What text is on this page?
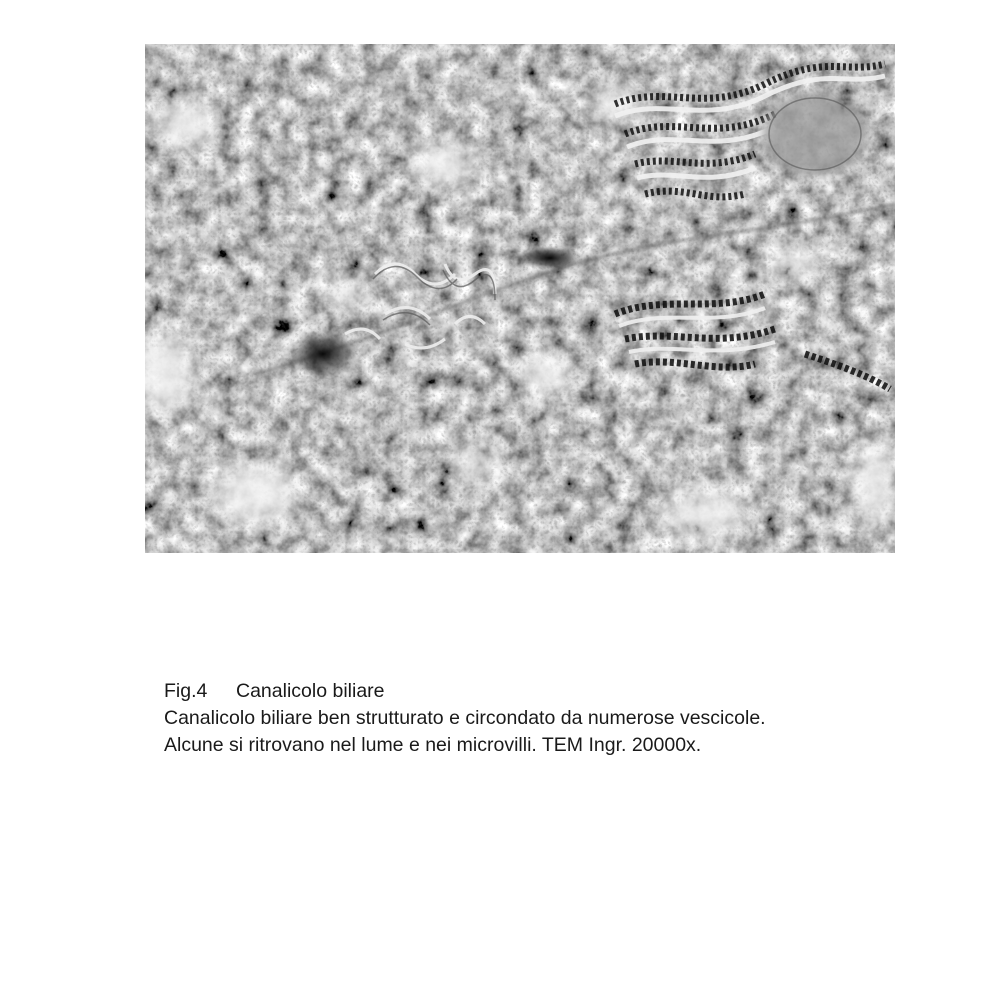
Fig.4 Canalicolo biliare
Canalicolo biliare ben strutturato e circondato da numerose vescicole.
Alcune si ritrovano nel lume e nei microvilli. TEM Ingr. 20000x.
